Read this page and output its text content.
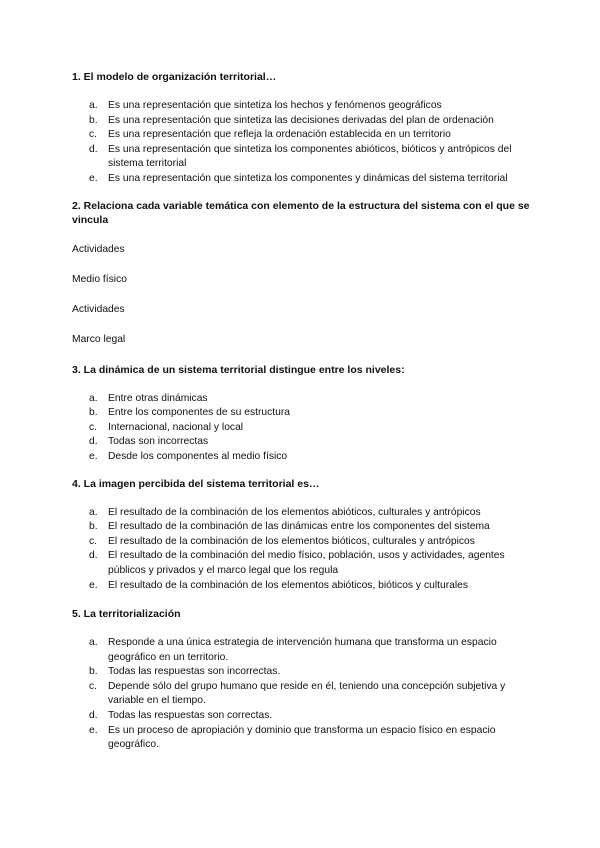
1. El modelo de organización territorial…

a. Es una representación que sintetiza los hechos y fenómenos geográficos
b. Es una representación que sintetiza las decisiones derivadas del plan de ordenación
c. Es una representación que refleja la ordenación establecida en un territorio
d. Es una representación que sintetiza los componentes abióticos, bióticos y antrópicos del sistema territorial
e. Es una representación que sintetiza los componentes y dinámicas del sistema territorial

2. Relaciona cada variable temática con elemento de la estructura del sistema con el que se vincula

Actividades

Medio físico

Actividades

Marco legal

3. La dinámica de un sistema territorial distingue entre los niveles:

a. Entre otras dinámicas
b. Entre los componentes de su estructura
c. Internacional, nacional y local
d. Todas son incorrectas
e. Desde los componentes al medio físico

4. La imagen percibida del sistema territorial es…

a. El resultado de la combinación de los elementos abióticos, culturales y antrópicos
b. El resultado de la combinación de las dinámicas entre los componentes del sistema
c. El resultado de la combinación de los elementos bióticos, culturales y antrópicos
d. El resultado de la combinación del medio físico, población, usos y actividades, agentes públicos y privados y el marco legal que los regula
e. El resultado de la combinación de los elementos abióticos, bióticos y culturales

5. La territorialización

a. Responde a una única estrategia de intervención humana que transforma un espacio geográfico en un territorio.
b. Todas las respuestas son incorrectas.
c. Depende sólo del grupo humano que reside en él, teniendo una concepción subjetiva y variable en el tiempo.
d. Todas las respuestas son correctas.
e. Es un proceso de apropiación y dominio que transforma un espacio físico en espacio geográfico.
